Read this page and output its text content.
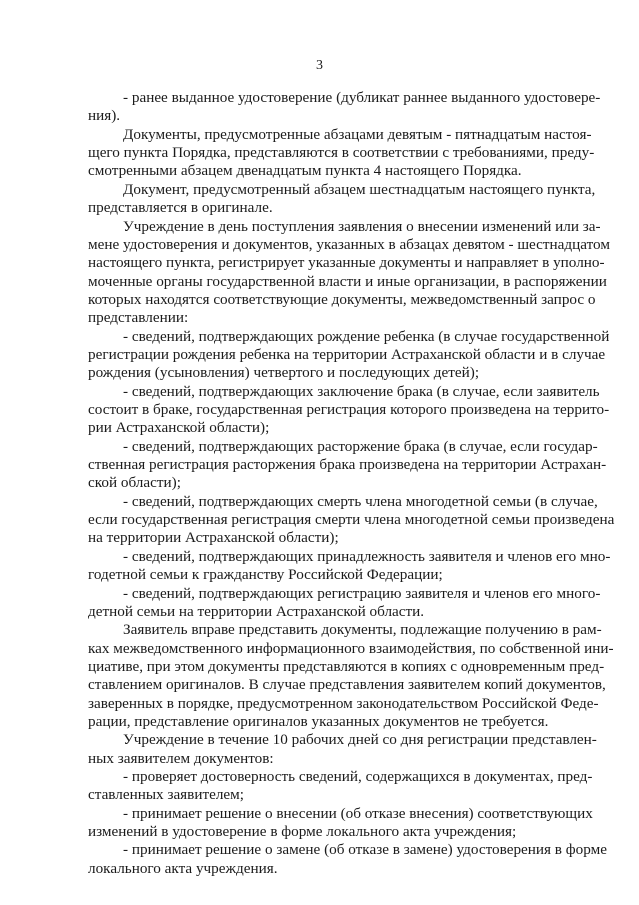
3
- ранее выданное удостоверение (дубликат раннее выданного удостовере-
ния).
Документы, предусмотренные абзацами девятым - пятнадцатым настоя-
щего пункта Порядка, представляются в соответствии с требованиями, преду-
смотренными абзацем двенадцатым пункта 4 настоящего Порядка.
Документ, предусмотренный абзацем шестнадцатым настоящего пункта,
представляется в оригинале.
Учреждение в день поступления заявления о внесении изменений или за-
мене удостоверения и документов, указанных в абзацах девятом - шестнадцатом
настоящего пункта, регистрирует указанные документы и направляет в уполно-
моченные органы государственной власти и иные организации, в распоряжении
которых находятся соответствующие документы, межведомственный запрос о
представлении:
- сведений, подтверждающих рождение ребенка (в случае государственной
регистрации рождения ребенка на территории Астраханской области и в случае
рождения (усыновления) четвертого и последующих детей);
- сведений, подтверждающих заключение брака (в случае, если заявитель
состоит в браке, государственная регистрация которого произведена на террито-
рии Астраханской области);
- сведений, подтверждающих расторжение брака (в случае, если государ-
ственная регистрация расторжения брака произведена на территории Астрахан-
ской области);
- сведений, подтверждающих смерть члена многодетной семьи (в случае,
если государственная регистрация смерти члена многодетной семьи произведена
на территории Астраханской области);
- сведений, подтверждающих принадлежность заявителя и членов его мно-
годетной семьи к гражданству Российской Федерации;
- сведений, подтверждающих регистрацию заявителя и членов его много-
детной семьи на территории Астраханской области.
Заявитель вправе представить документы, подлежащие получению в рам-
ках межведомственного информационного взаимодействия, по собственной ини-
циативе, при этом документы представляются в копиях с одновременным пред-
ставлением оригиналов. В случае представления заявителем копий документов,
заверенных в порядке, предусмотренном законодательством Российской Феде-
рации, представление оригиналов указанных документов не требуется.
Учреждение в течение 10 рабочих дней со дня регистрации представлен-
ных заявителем документов:
- проверяет достоверность сведений, содержащихся в документах, пред-
ставленных заявителем;
- принимает решение о внесении (об отказе внесения) соответствующих
изменений в удостоверение в форме локального акта учреждения;
- принимает решение о замене (об отказе в замене) удостоверения в форме
локального акта учреждения.
